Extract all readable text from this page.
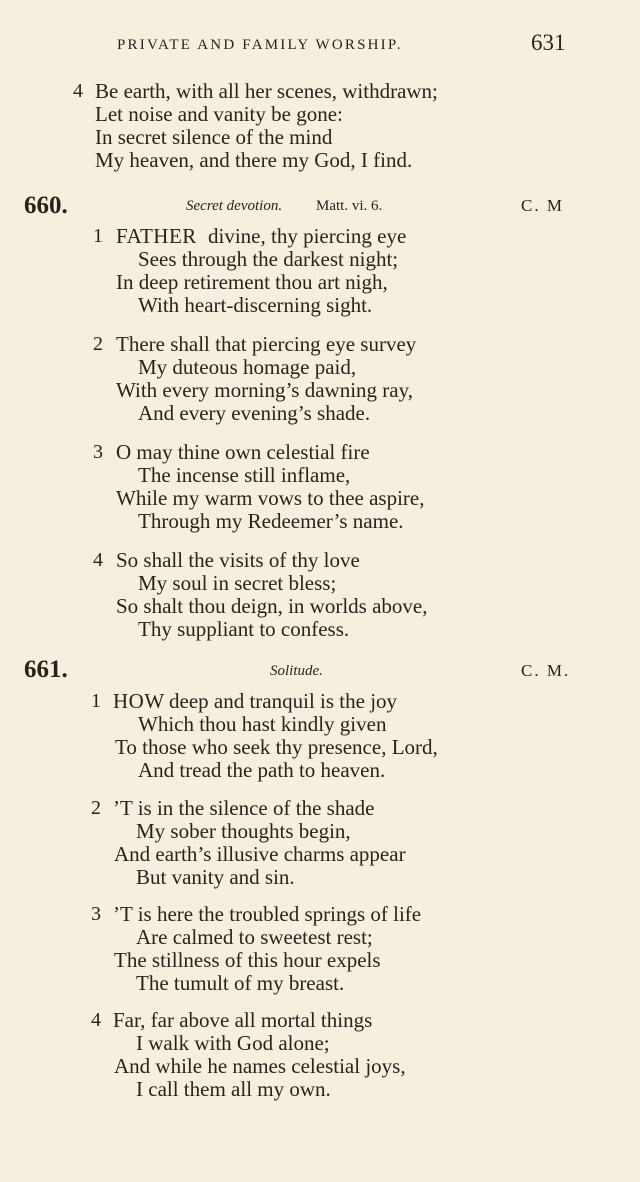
PRIVATE AND FAMILY WORSHIP.	631
4 Be earth, with all her scenes, withdrawn;
Let noise and vanity be gone:
In secret silence of the mind
My heaven, and there my God, I find.
660.	Secret devotion. Matt. vi. 6.	C. M
1 FATHER divine, thy piercing eye
Sees through the darkest night;
In deep retirement thou art nigh,
With heart-discerning sight.
2 There shall that piercing eye survey
My duteous homage paid,
With every morning’s dawning ray,
And every evening’s shade.
3 O may thine own celestial fire
The incense still inflame,
While my warm vows to thee aspire,
Through my Redeemer’s name.
4 So shall the visits of thy love
My soul in secret bless;
So shalt thou deign, in worlds above,
Thy suppliant to confess.
661.	Solitude.	C. M.
1 HOW deep and tranquil is the joy
Which thou hast kindly given
To those who seek thy presence, Lord,
And tread the path to heaven.
2 ’T is in the silence of the shade
My sober thoughts begin,
And earth’s illusive charms appear
But vanity and sin.
3 ’T is here the troubled springs of life
Are calmed to sweetest rest;
The stillness of this hour expels
The tumult of my breast.
4 Far, far above all mortal things
I walk with God alone;
And while he names celestial joys,
I call them all my own.
